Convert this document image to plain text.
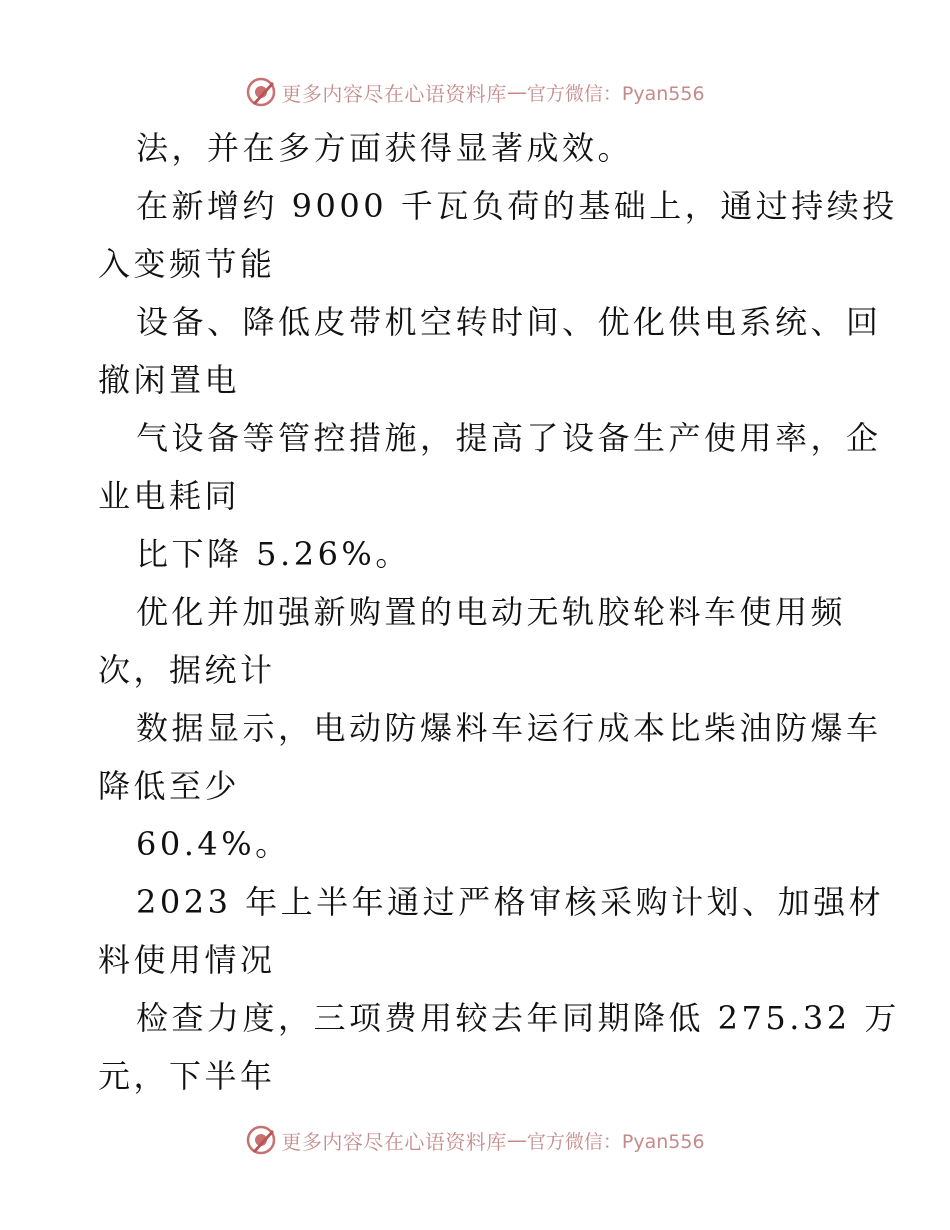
更多内容尽在心语资料库 — 官方微信：Pyan556
法，并在多方面获得显著成效。
在新增约 9000 千瓦负荷的基础上，通过持续投
入变频节能
设备、降低皮带机空转时间、优化供电系统、回
撤闲置电
气设备等管控措施，提高了设备生产使用率，企
业电耗同
比下降 5.26%。
优化并加强新购置的电动无轨胶轮料车使用频
次，据统计
数据显示，电动防爆料车运行成本比柴油防爆车
降低至少
60.4%。
2023 年上半年通过严格审核采购计划、加强材
料使用情况
检查力度，三项费用较去年同期降低 275.32 万
元，下半年
更多内容尽在心语资料库 — 官方微信：Pyan556
